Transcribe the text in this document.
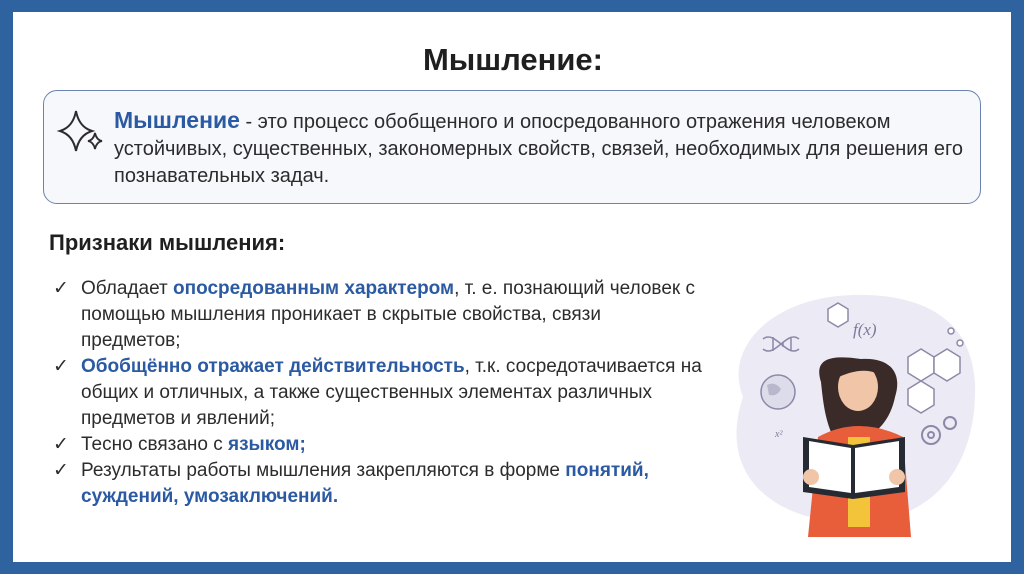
Мышление:
Мышление - это процесс обобщенного и опосредованного отражения человеком устойчивых, существенных, закономерных свойств, связей, необходимых для решения его познавательных задач.
Признаки мышления:
✓ Обладает опосредованным характером, т. е. познающий человек с помощью мышления проникает в скрытые свойства, связи предметов;
✓ Обобщённо отражает действительность, т.к. сосредотачивается на общих и отличных, а также существенных элементах различных предметов и явлений;
✓ Тесно связано с языком;
✓ Результаты работы мышления закрепляются в форме понятий, суждений, умозаключений.
f(x)
x²
